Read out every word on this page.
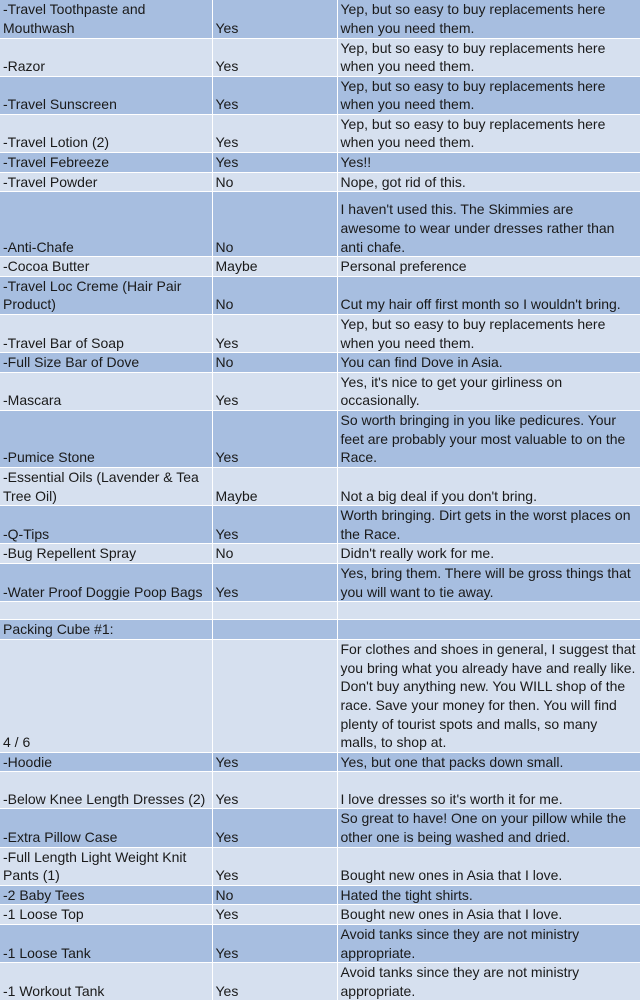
-Travel Toothpaste and Mouthwash	Yes	Yep, but so easy to buy replacements here when you need them.
-Razor	Yes	Yep, but so easy to buy replacements here when you need them.
-Travel Sunscreen	Yes	Yep, but so easy to buy replacements here when you need them.
-Travel Lotion (2)	Yes	Yep, but so easy to buy replacements here when you need them.
-Travel Febreeze	Yes	Yes!!
-Travel Powder	No	Nope, got rid of this.
-Anti-Chafe	No	I haven't used this. The Skimmies are awesome to wear under dresses rather than anti chafe.
-Cocoa Butter	Maybe	Personal preference
-Travel Loc Creme (Hair Pair Product)	No	Cut my hair off first month so I wouldn't bring.
-Travel Bar of Soap	Yes	Yep, but so easy to buy replacements here when you need them.
-Full Size Bar of Dove	No	You can find Dove in Asia.
-Mascara	Yes	Yes, it's nice to get your girliness on occasionally.
-Pumice Stone	Yes	So worth bringing in you like pedicures. Your feet are probably your most valuable to on the Race.
-Essential Oils (Lavender & Tea Tree Oil)	Maybe	Not a big deal if you don't bring.
-Q-Tips	Yes	Worth bringing. Dirt gets in the worst places on the Race.
-Bug Repellent Spray	No	Didn't really work for me.
-Water Proof Doggie Poop Bags	Yes	Yes, bring them. There will be gross things that you will want to tie away.

Packing Cube #1:		
4 / 6		For clothes and shoes in general, I suggest that you bring what you already have and really like. Don't buy anything new. You WILL shop of the race. Save your money for then. You will find plenty of tourist spots and malls, so many malls, to shop at.
-Hoodie	Yes	Yes, but one that packs down small.
-Below Knee Length Dresses (2)	Yes	I love dresses so it's worth it for me.
-Extra Pillow Case	Yes	So great to have! One on your pillow while the other one is being washed and dried.
-Full Length Light Weight Knit Pants (1)	Yes	Bought new ones in Asia that I love.
-2 Baby Tees	No	Hated the tight shirts.
-1 Loose Top	Yes	Bought new ones in Asia that I love.
-1 Loose Tank	Yes	Avoid tanks since they are not ministry appropriate.
-1 Workout Tank	Yes	Avoid tanks since they are not ministry appropriate.
